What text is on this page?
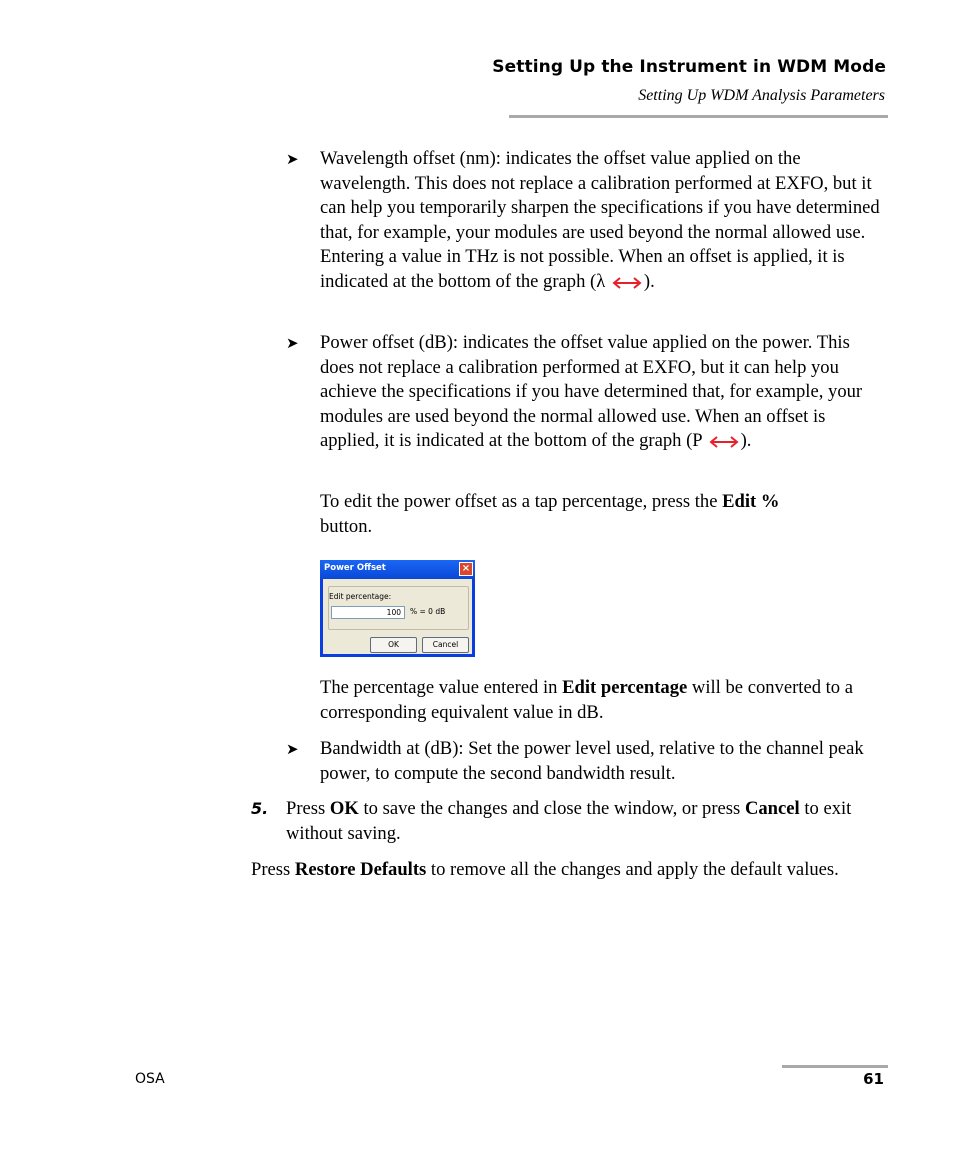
Setting Up the Instrument in WDM Mode
Setting Up WDM Analysis Parameters
➤ Wavelength offset (nm): indicates the offset value applied on the wavelength. This does not replace a calibration performed at EXFO, but it can help you temporarily sharpen the specifications if you have determined that, for example, your modules are used beyond the normal allowed use. Entering a value in THz is not possible. When an offset is applied, it is indicated at the bottom of the graph (λ ).
➤ Power offset (dB): indicates the offset value applied on the power. This does not replace a calibration performed at EXFO, but it can help you achieve the specifications if you have determined that, for example, your modules are used beyond the normal allowed use. When an offset is applied, it is indicated at the bottom of the graph (P ).
To edit the power offset as a tap percentage, press the Edit %
button.
Power Offset	×
Edit percentage:
100	% = 0 dB
OK	Cancel
The percentage value entered in Edit percentage will be converted to a corresponding equivalent value in dB.
➤ Bandwidth at (dB): Set the power level used, relative to the channel peak power, to compute the second bandwidth result.
5. Press OK to save the changes and close the window, or press Cancel to exit without saving.
Press Restore Defaults to remove all the changes and apply the default values.
OSA	61
